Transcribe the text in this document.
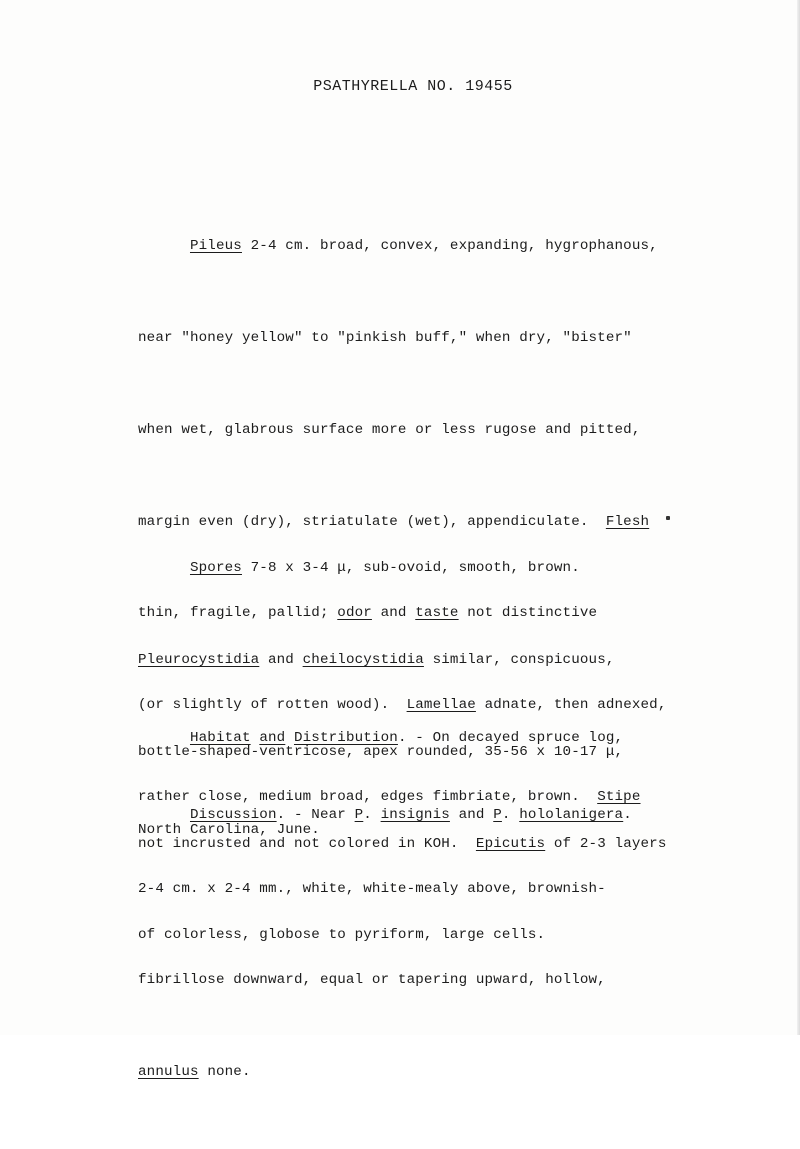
PSATHYRELLA NO. 19455

Pileus 2-4 cm. broad, convex, expanding, hygrophanous,

near "honey yellow" to "pinkish buff," when dry, "bister"

when wet, glabrous surface more or less rugose and pitted,

margin even (dry), striatulate (wet), appendiculate.  Flesh

thin, fragile, pallid; odor and taste not distinctive

(or slightly of rotten wood).  Lamellae adnate, then adnexed,

rather close, medium broad, edges fimbriate, brown.  Stipe

2-4 cm. x 2-4 mm., white, white-mealy above, brownish-

fibrillose downward, equal or tapering upward, hollow,

annulus none.

Spores 7-8 x 3-4 μ, sub-ovoid, smooth, brown.

Pleurocystidia and cheilocystidia similar, conspicuous,

bottle-shaped-ventricose, apex rounded, 35-56 x 10-17 μ,

not incrusted and not colored in KOH.  Epicutis of 2-3 layers

of colorless, globose to pyriform, large cells.

Habitat and Distribution. - On decayed spruce log,

North Carolina, June.

Discussion. - Near P. insignis and P. hololanigera.
